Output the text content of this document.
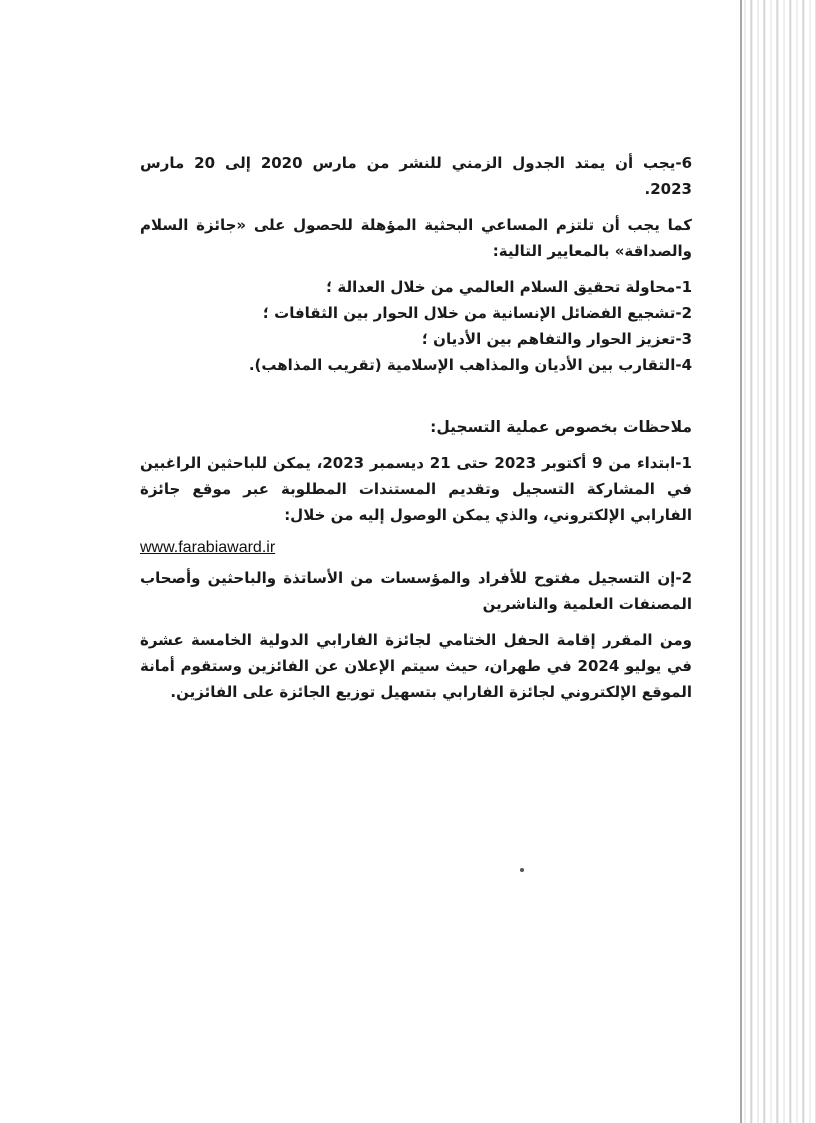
6-يجب أن يمتد الجدول الزمني للنشر من مارس 2020 إلى 20 مارس 2023.

كما يجب أن تلتزم المساعي البحثية المؤهلة للحصول على «جائزة السلام والصداقة» بالمعايير التالية:

1-محاولة تحقيق السلام العالمي من خلال العدالة ؛

2-تشجيع الفضائل الإنسانية من خلال الحوار بين الثقافات ؛

3-تعزيز الحوار والتفاهم بين الأديان ؛

4-التقارب بين الأديان والمذاهب الإسلامية (تقريب المذاهب).

ملاحظات بخصوص عملية التسجيل:

1-ابتداء من 9 أكتوبر 2023 حتى 21 ديسمبر 2023، يمكن للباحثين الراغبين في المشاركة التسجيل وتقديم المستندات المطلوبة عبر موقع جائزة الفارابي الإلكتروني، والذي يمكن الوصول إليه من خلال:

www.farabiaward.ir

2-إن التسجيل مفتوح للأفراد والمؤسسات من الأساتذة والباحثين وأصحاب المصنفات العلمية والناشرين

ومن المقرر إقامة الحفل الختامي لجائزة الفارابي الدولية الخامسة عشرة في يوليو 2024 في طهران، حيث سيتم الإعلان عن الفائزين وستقوم أمانة الموقع الإلكتروني لجائزة الفارابي بتسهيل توزيع الجائزة على الفائزين.
